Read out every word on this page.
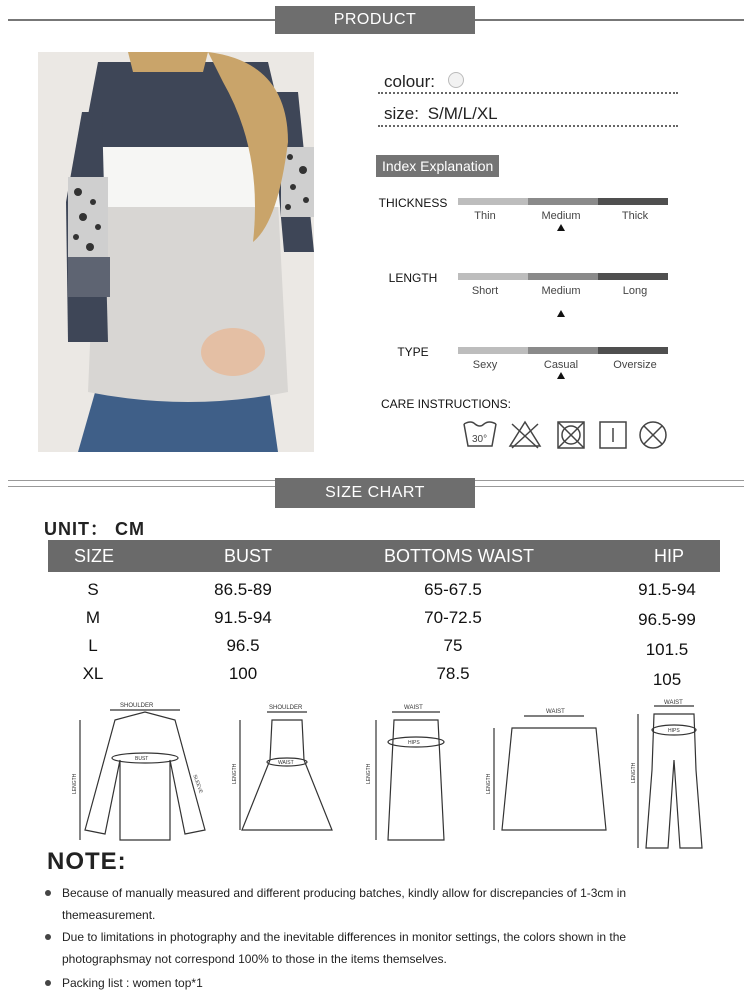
PRODUCT INFORMATION
colour:
size: S/M/L/XL
Index Explanation
THICKNESS
Thin	Medium	Thick
LENGTH
Short	Medium	Long
TYPE
Sexy	Casual	Oversize
CARE INSTRUCTIONS:
30°
SIZE CHART
UNIT： CM
SIZE	BUST	BOTTOMS WAIST	HIP
S	86.5-89	65-67.5	91.5-94
M	91.5-94	70-72.5	96.5-99
L	96.5	75	101.5
XL	100	78.5	105
SHOULDER
BUST
LENGTH	SLEEVE
SHOULDER
WAIST
LENGTH
WAIST
HIPS
LENGTH
WAIST
LENGTH
WAIST
HIPS
LENGTH
NOTE:
Because of manually measured and different producing batches, kindly allow for discrepancies of 1-3cm in themeasurement.
Due to limitations in photography and the inevitable differences in monitor settings, the colors shown in the photographsmay not correspond 100% to those in the items themselves.
Packing list : women top*1
